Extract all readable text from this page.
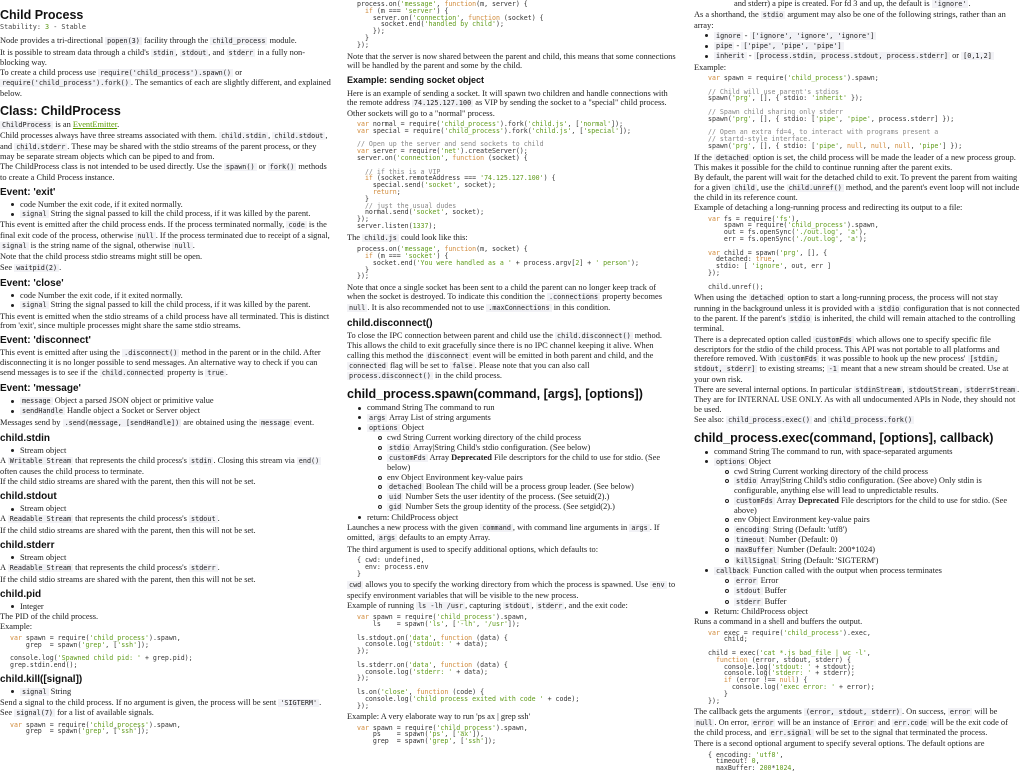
Child Process
Stability: 3 - Stable

Node provides a tri-directional popen(3) facility through the child_process module.

It is possible to stream data through a child's stdin , stdout , and stderr in a fully non-blocking way.

To create a child process use require('child_process').spawn() or require('child_process').fork() . The semantics of each are slightly different, and explained below.

Class: ChildProcess

ChildProcess is an EventEmitter.

Child processes always have three streams associated with them. child.stdin , child.stdout , and child.stderr . These may be shared with the stdio streams of the parent process, or they may be separate stream objects which can be piped to and from.

The ChildProcess class is not intended to be used directly. Use the spawn() or fork() methods to create a Child Process instance.

Event: 'exit'
code Number the exit code, if it exited normally.
signal String the signal passed to kill the child process, if it was killed by the parent.

This event is emitted after the child process ends. If the process terminated normally, code is the final exit code of the process, otherwise null . If the process terminated due to receipt of a signal, signal is the string name of the signal, otherwise null .

Note that the child process stdio streams might still be open.

See waitpid(2) .

Event: 'close'
code Number the exit code, if it exited normally.
signal String the signal passed to kill the child process, if it was killed by the parent.

This event is emitted when the stdio streams of a child process have all terminated. This is distinct from 'exit', since multiple processes might share the same stdio streams.

Event: 'disconnect'

This event is emitted after using the .disconnect() method in the parent or in the child. After disconnecting it is no longer possible to send messages. An alternative way to check if you can send messages is to see if the child.connected property is true .

Event: 'message'
message Object a parsed JSON object or primitive value
sendHandle Handle object a Socket or Server object

Messages send by .send(message, [sendHandle]) are obtained using the message event.

child.stdin
Stream object

A Writable Stream that represents the child process's stdin . Closing this stream via end() often causes the child process to terminate.

If the child stdio streams are shared with the parent, then this will not be set.

child.stdout
Stream object

A Readable Stream that represents the child process's stdout .

If the child stdio streams are shared with the parent, then this will not be set.

child.stderr
Stream object

A Readable Stream that represents the child process's stderr .

If the child stdio streams are shared with the parent, then this will not be set.

child.pid
Integer

The PID of the child process.

Example:

var spawn = require('child_process').spawn,
grep  = spawn('grep', ['ssh']);

console.log('Spawned child pid: ' + grep.pid);
grep.stdin.end();
child.kill([signal])
signal String

Send a signal to the child process. If no argument is given, the process will be sent 'SIGTERM' . See signal(7) for a list of available signals.

var spawn = require('child_process').spawn,
grep  = spawn('grep', ['ssh']);
process.on('message', function(m, server) {
if (m === 'server') {
server.on('connection', function (socket) {
socket.end('handled by child');
});
}
});

Note that the server is now shared between the parent and child, this means that some connections will be handled by the parent and some by the child.

Example: sending socket object

Here is an example of sending a socket. It will spawn two children and handle connections with the remote address 74.125.127.100 as VIP by sending the socket to a "special" child process. Other sockets will go to a "normal" process.

var normal = require('child_process').fork('child.js', ['normal']);
var special = require('child_process').fork('child.js', ['special']);

// Open up the server and send sockets to child
var server = require('net').createServer();
server.on('connection', function (socket) {

// if this is a VIP
if (socket.remoteAddress === '74.125.127.100') {
special.send('socket', socket);
return;
}
// just the usual dudes
normal.send('socket', socket);
});
server.listen(1337);

The child.js could look like this:

process.on('message', function(m, socket) {
if (m === 'socket') {
socket.end('You were handled as a ' + process.argv[2] + ' person');
}
});

Note that once a single socket has been sent to a child the parent can no longer keep track of when the socket is destroyed. To indicate this condition the .connections property becomes null . It is also recommended not to use .maxConnections in this condition.

child.disconnect()

To close the IPC connection between parent and child use the child.disconnect() method. This allows the child to exit gracefully since there is no IPC channel keeping it alive. When calling this method the disconnect event will be emitted in both parent and child, and the connected flag will be set to false . Please note that you can also call process.disconnect() in the child process.

child_process.spawn(command, [args], [options])
command String The command to run
args Array List of string arguments
options Object
cwd String Current working directory of the child process
stdio Array|String Child's stdio configuration. (See below)
customFds Array Deprecated File descriptors for the child to use for stdio. (See below)
env Object Environment key-value pairs
detached Boolean The child will be a process group leader. (See below)
uid Number Sets the user identity of the process. (See setuid(2).)
gid Number Sets the group identity of the process. (See setgid(2).)
return: ChildProcess object

Launches a new process with the given command , with command line arguments in args . If omitted, args defaults to an empty Array.

The third argument is used to specify additional options, which defaults to:

{ cwd: undefined,
env: process.env
}

cwd allows you to specify the working directory from which the process is spawned. Use env to specify environment variables that will be visible to the new process.

Example of running ls -lh /usr , capturing stdout , stderr , and the exit code:

var spawn = require('child_process').spawn,
ls    = spawn('ls', ['-lh', '/usr']);

ls.stdout.on('data', function (data) {
console.log('stdout: ' + data);
});

ls.stderr.on('data', function (data) {
console.log('stderr: ' + data);
});

ls.on('close', function (code) {
console.log('child process exited with code ' + code);
});

Example: A very elaborate way to run 'ps ax | grep ssh'

var spawn = require('child_process').spawn,
ps    = spawn('ps', ['ax']),
grep  = spawn('grep', ['ssh']);

and stderr) a pipe is created. For fd 3 and up, the default is 'ignore' .

As a shorthand, the stdio argument may also be one of the following strings, rather than an array:

ignore - ['ignore', 'ignore', 'ignore']
pipe - ['pipe', 'pipe', 'pipe']
inherit - [process.stdin, process.stdout, process.stderr] or [0,1,2]

Example:

var spawn = require('child_process').spawn;

// Child will use parent's stdios
spawn('prg', [], { stdio: 'inherit' });

// Spawn child sharing only stderr
spawn('prg', [], { stdio: ['pipe', 'pipe', process.stderr] });

// Open an extra fd=4, to interact with programs present a
// startd-style interface.
spawn('prg', [], { stdio: ['pipe', null, null, null, 'pipe'] });

If the detached option is set, the child process will be made the leader of a new process group. This makes it possible for the child to continue running after the parent exits.

By default, the parent will wait for the detached child to exit. To prevent the parent from waiting for a given child , use the child.unref() method, and the parent's event loop will not include the child in its reference count.

Example of detaching a long-running process and redirecting its output to a file:

var fs = require('fs'),
spawn = require('child_process').spawn,
out = fs.openSync('./out.log', 'a'),
err = fs.openSync('./out.log', 'a');

var child = spawn('prg', [], {
detached: true,
stdio: [ 'ignore', out, err ]
});

child.unref();

When using the detached option to start a long-running process, the process will not stay running in the background unless it is provided with a stdio configuration that is not connected to the parent. If the parent's stdio is inherited, the child will remain attached to the controlling terminal.

There is a deprecated option called customFds which allows one to specify specific file descriptors for the stdio of the child process. This API was not portable to all platforms and therefore removed. With customFds it was possible to hook up the new process' [stdin, stdout, stderr] to existing streams; -1 meant that a new stream should be created. Use at your own risk.

There are several internal options. In particular stdinStream , stdoutStream , stderrStream . They are for INTERNAL USE ONLY. As with all undocumented APIs in Node, they should not be used.

See also: child_process.exec() and child_process.fork()

child_process.exec(command, [options], callback)
command String The command to run, with space-separated arguments
options Object
cwd String Current working directory of the child process
stdio Array|String Child's stdio configuration. (See above) Only stdin is configurable, anything else will lead to unpredictable results.
customFds Array Deprecated File descriptors for the child to use for stdio. (See above)
env Object Environment key-value pairs
encoding String (Default: 'utf8')
timeout Number (Default: 0)
maxBuffer Number (Default: 200*1024)
killSignal String (Default: 'SIGTERM')
callback Function called with the output when process terminates
error Error
stdout Buffer
stderr Buffer
Return: ChildProcess object

Runs a command in a shell and buffers the output.

var exec = require('child_process').exec,
child;

child = exec('cat *.js bad_file | wc -l',
function (error, stdout, stderr) {
console.log('stdout: ' + stdout);
console.log('stderr: ' + stderr);
if (error !== null) {
console.log('exec error: ' + error);
}
});

The callback gets the arguments (error, stdout, stderr) . On success, error will be null . On error, error will be an instance of Error and err.code will be the exit code of the child process, and err.signal will be set to the signal that terminated the process.

There is a second optional argument to specify several options. The default options are

{ encoding: 'utf8',
timeout: 0,
maxBuffer: 200*1024,
